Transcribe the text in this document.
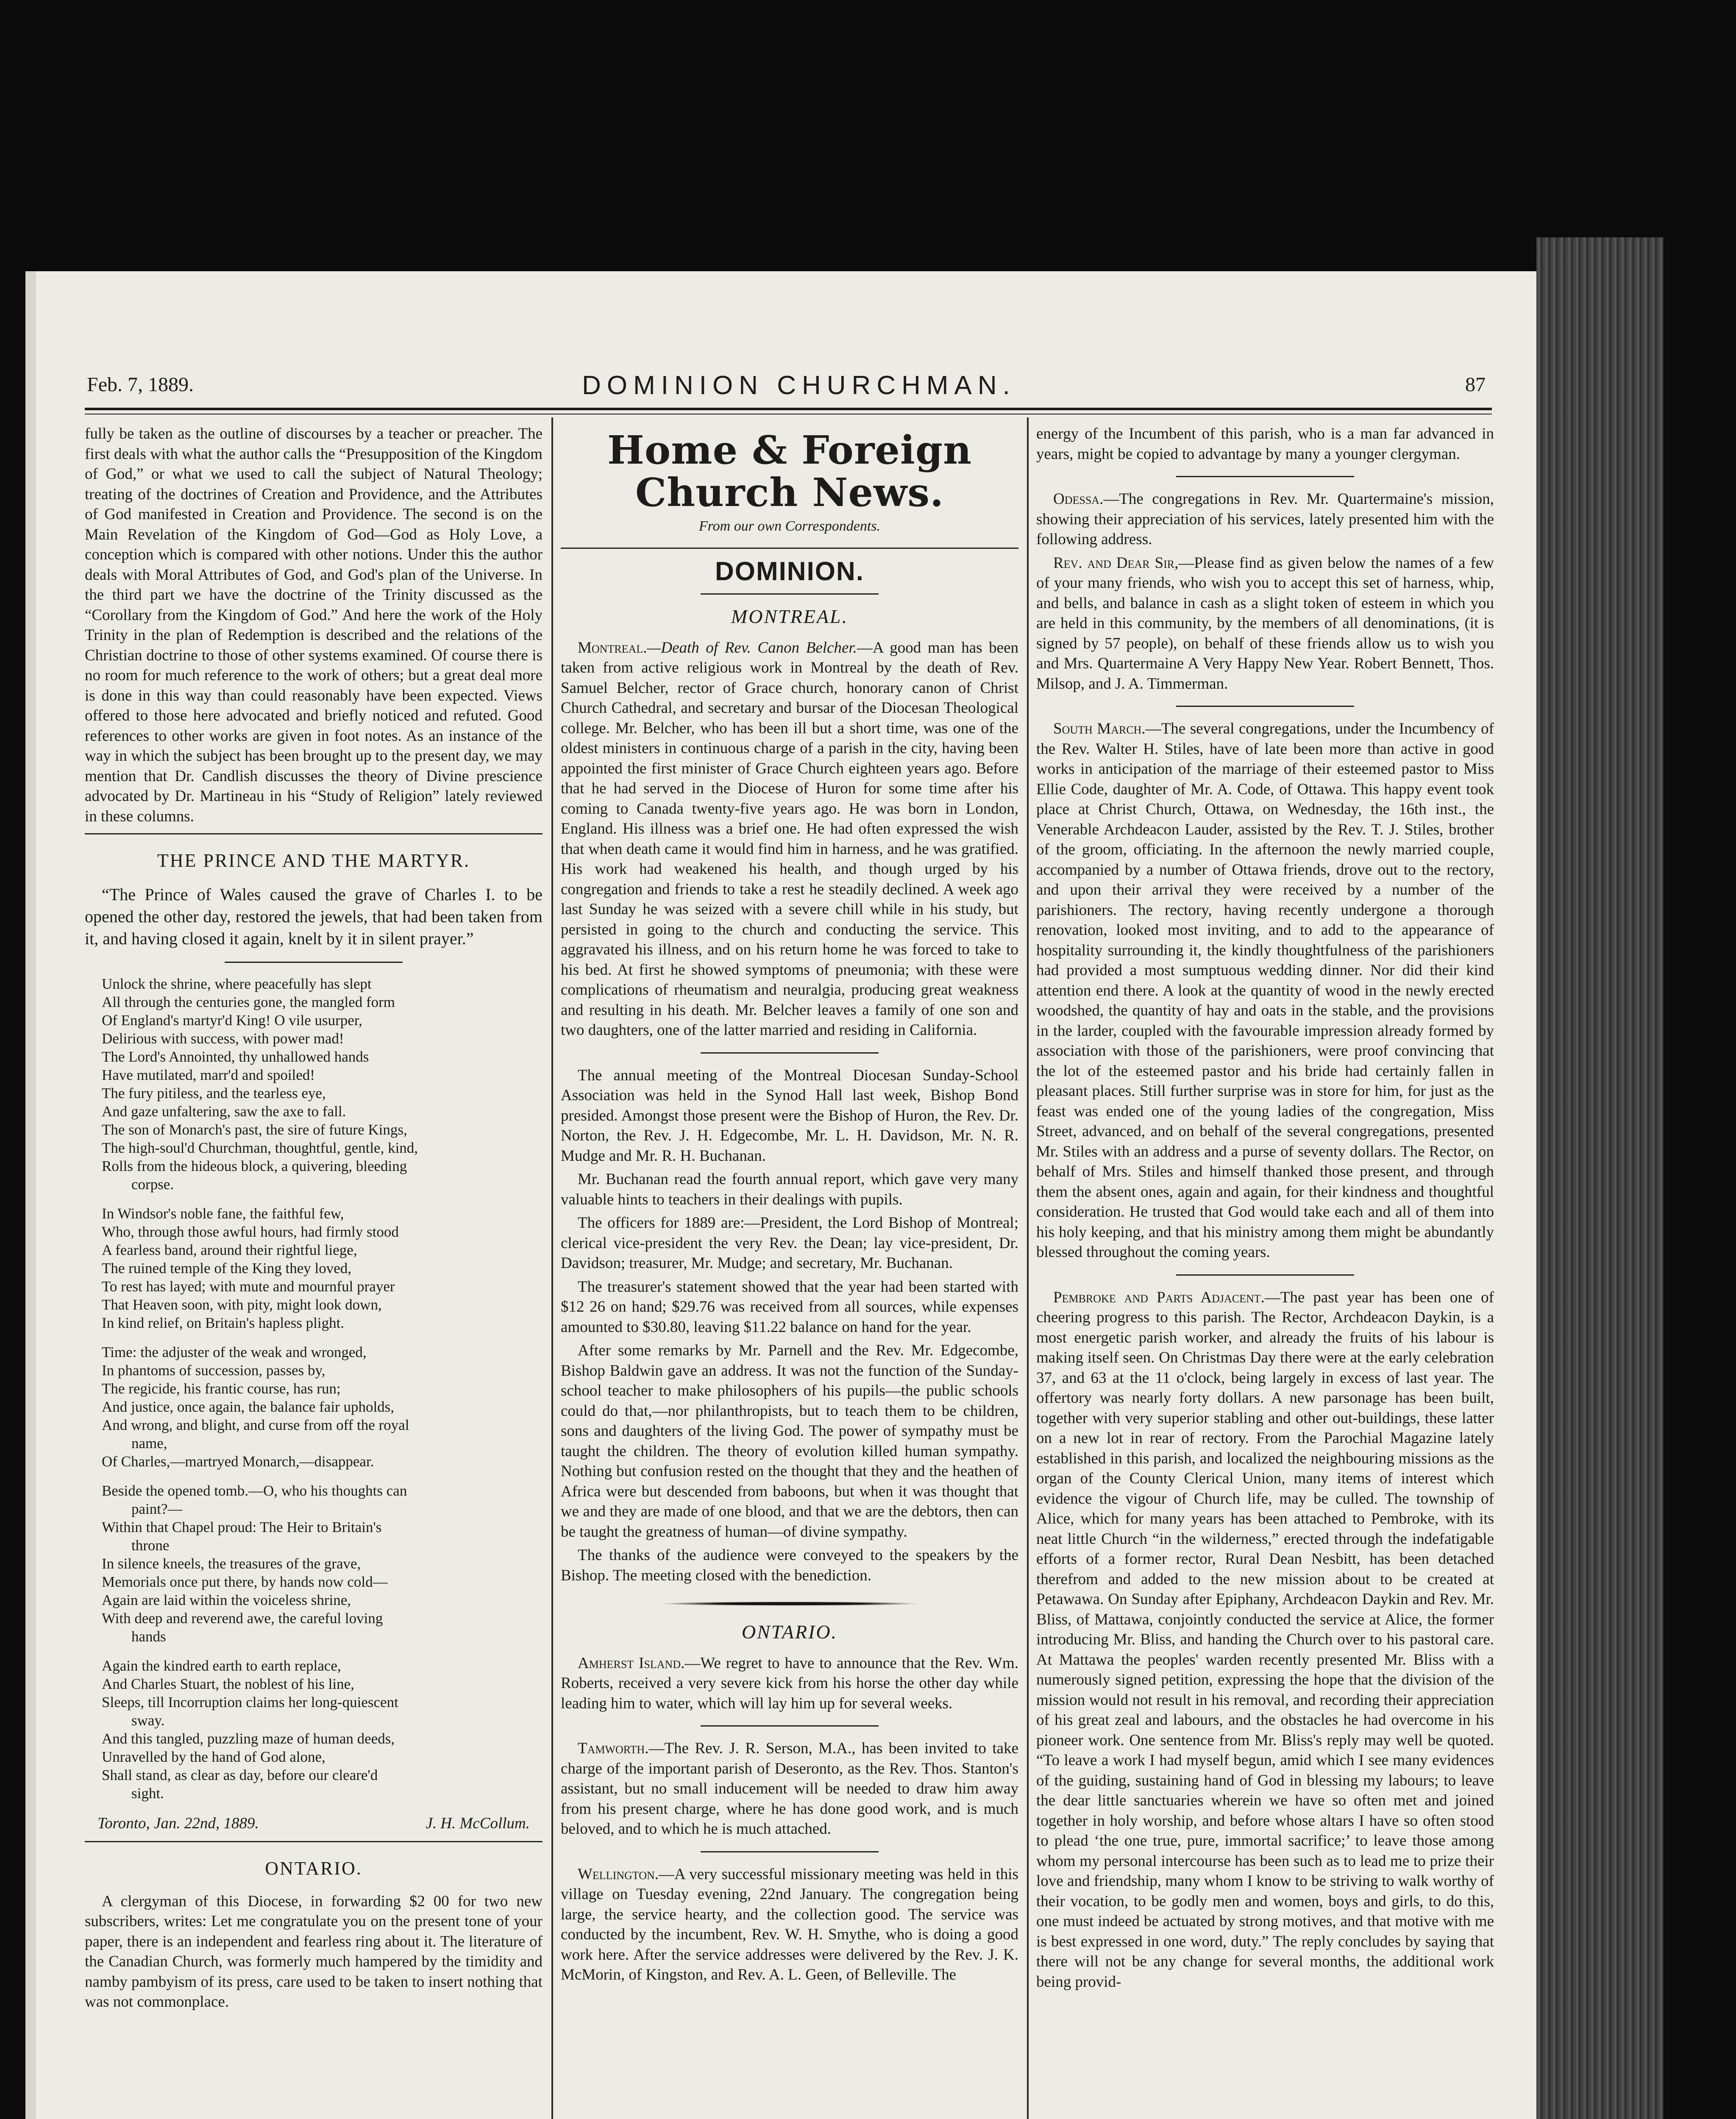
Feb. 7, 1889.	DOMINION CHURCHMAN.	87

fully be taken as the outline of discourses by a teacher or preacher. The first deals with what the author calls the “Presupposition of the Kingdom of God,” or what we used to call the subject of Natural Theology; treating of the doctrines of Creation and Providence, and the Attributes of God manifested in Creation and Providence. The second is on the Main Revelation of the Kingdom of God—God as Holy Love, a conception which is compared with other notions. Under this the author deals with Moral Attributes of God, and God's plan of the Universe. In the third part we have the doctrine of the Trinity discussed as the “Corollary from the Kingdom of God.” And here the work of the Holy Trinity in the plan of Redemption is described and the relations of the Christian doctrine to those of other systems examined. Of course there is no room for much reference to the work of others; but a great deal more is done in this way than could reasonably have been expected. Views offered to those here advocated and briefly noticed and refuted. Good references to other works are given in foot notes. As an instance of the way in which the subject has been brought up to the present day, we may mention that Dr. Candlish discusses the theory of Divine prescience advocated by Dr. Martineau in his “Study of Religion” lately reviewed in these columns.

THE PRINCE AND THE MARTYR.

“The Prince of Wales caused the grave of Charles I. to be opened the other day, restored the jewels, that had been taken from it, and having closed it again, knelt by it in silent prayer.”

Unlock the shrine, where peacefully has slept
All through the centuries gone, the mangled form
Of England's martyr'd King! O vile usurper,
Delirious with success, with power mad!
The Lord's Annointed, thy unhallowed hands
Have mutilated, marr'd and spoiled!
The fury pitiless, and the tearless eye,
And gaze unfaltering, saw the axe to fall.
The son of Monarch's past, the sire of future Kings,
The high-soul'd Churchman, thoughtful, gentle, kind,
Rolls from the hideous block, a quivering, bleeding
corpse.
In Windsor's noble fane, the faithful few,
Who, through those awful hours, had firmly stood
A fearless band, around their rightful liege,
The ruined temple of the King they loved,
To rest has layed; with mute and mournful prayer
That Heaven soon, with pity, might look down,
In kind relief, on Britain's hapless plight.
Time: the adjuster of the weak and wronged,
In phantoms of succession, passes by,
The regicide, his frantic course, has run;
And justice, once again, the balance fair upholds,
And wrong, and blight, and curse from off the royal
name,
Of Charles,—martryed Monarch,—disappear.
Beside the opened tomb.—O, who his thoughts can
paint?—
Within that Chapel proud: The Heir to Britain's
throne
In silence kneels, the treasures of the grave,
Memorials once put there, by hands now cold—
Again are laid within the voiceless shrine,
With deep and reverend awe, the careful loving
hands
Again the kindred earth to earth replace,
And Charles Stuart, the noblest of his line,
Sleeps, till Incorruption claims her long-quiescent
sway.
And this tangled, puzzling maze of human deeds,
Unravelled by the hand of God alone,
Shall stand, as clear as day, before our cleare'd
sight.
Toronto, Jan. 22nd, 1889.	J. H. McCollum.
ONTARIO.

A clergyman of this Diocese, in forwarding $2 00 for two new subscribers, writes: Let me congratulate you on the present tone of your paper, there is an independent and fearless ring about it. The literature of the Canadian Church, was formerly much hampered by the timidity and namby pambyism of its press, care used to be taken to insert nothing that was not commonplace.

Home & Foreign Church News.
From our own Correspondents.
DOMINION.
MONTREAL.

Montreal.—Death of Rev. Canon Belcher.—A good man has been taken from active religious work in Montreal by the death of Rev. Samuel Belcher, rector of Grace church, honorary canon of Christ Church Cathedral, and secretary and bursar of the Diocesan Theological college. Mr. Belcher, who has been ill but a short time, was one of the oldest ministers in continuous charge of a parish in the city, having been appointed the first minister of Grace Church eighteen years ago. Before that he had served in the Diocese of Huron for some time after his coming to Canada twenty-five years ago. He was born in London, England. His illness was a brief one. He had often expressed the wish that when death came it would find him in harness, and he was gratified. His work had weakened his health, and though urged by his congregation and friends to take a rest he steadily declined. A week ago last Sunday he was seized with a severe chill while in his study, but persisted in going to the church and conducting the service. This aggravated his illness, and on his return home he was forced to take to his bed. At first he showed symptoms of pneumonia; with these were complications of rheumatism and neuralgia, producing great weakness and resulting in his death. Mr. Belcher leaves a family of one son and two daughters, one of the latter married and residing in California.

The annual meeting of the Montreal Diocesan Sunday-School Association was held in the Synod Hall last week, Bishop Bond presided. Amongst those present were the Bishop of Huron, the Rev. Dr. Norton, the Rev. J. H. Edgecombe, Mr. L. H. Davidson, Mr. N. R. Mudge and Mr. R. H. Buchanan.

Mr. Buchanan read the fourth annual report, which gave very many valuable hints to teachers in their dealings with pupils.

The officers for 1889 are:—President, the Lord Bishop of Montreal; clerical vice-president the very Rev. the Dean; lay vice-president, Dr. Davidson; treasurer, Mr. Mudge; and secretary, Mr. Buchanan.

The treasurer's statement showed that the year had been started with $12 26 on hand; $29.76 was received from all sources, while expenses amounted to $30.80, leaving $11.22 balance on hand for the year.

After some remarks by Mr. Parnell and the Rev. Mr. Edgecombe, Bishop Baldwin gave an address. It was not the function of the Sunday-school teacher to make philosophers of his pupils—the public schools could do that,—nor philanthropists, but to teach them to be children, sons and daughters of the living God. The power of sympathy must be taught the children. The theory of evolution killed human sympathy. Nothing but confusion rested on the thought that they and the heathen of Africa were but descended from baboons, but when it was thought that we and they are made of one blood, and that we are the debtors, then can be taught the greatness of human—of divine sympathy.

The thanks of the audience were conveyed to the speakers by the Bishop. The meeting closed with the benediction.

ONTARIO.

Amherst Island.—We regret to have to announce that the Rev. Wm. Roberts, received a very severe kick from his horse the other day while leading him to water, which will lay him up for several weeks.

Tamworth.—The Rev. J. R. Serson, M.A., has been invited to take charge of the important parish of Deseronto, as the Rev. Thos. Stanton's assistant, but no small inducement will be needed to draw him away from his present charge, where he has done good work, and is much beloved, and to which he is much attached.

Wellington.—A very successful missionary meeting was held in this village on Tuesday evening, 22nd January. The congregation being large, the service hearty, and the collection good. The service was conducted by the incumbent, Rev. W. H. Smythe, who is doing a good work here. After the service addresses were delivered by the Rev. J. K. McMorin, of Kingston, and Rev. A. L. Geen, of Belleville. The

energy of the Incumbent of this parish, who is a man far advanced in years, might be copied to advantage by many a younger clergyman.

Odessa.—The congregations in Rev. Mr. Quartermaine's mission, showing their appreciation of his services, lately presented him with the following address.

Rev. and Dear Sir,—Please find as given below the names of a few of your many friends, who wish you to accept this set of harness, whip, and bells, and balance in cash as a slight token of esteem in which you are held in this community, by the members of all denominations, (it is signed by 57 people), on behalf of these friends allow us to wish you and Mrs. Quartermaine A Very Happy New Year. Robert Bennett, Thos. Milsop, and J. A. Timmerman.

South March.—The several congregations, under the Incumbency of the Rev. Walter H. Stiles, have of late been more than active in good works in anticipation of the marriage of their esteemed pastor to Miss Ellie Code, daughter of Mr. A. Code, of Ottawa. This happy event took place at Christ Church, Ottawa, on Wednesday, the 16th inst., the Venerable Archdeacon Lauder, assisted by the Rev. T. J. Stiles, brother of the groom, officiating. In the afternoon the newly married couple, accompanied by a number of Ottawa friends, drove out to the rectory, and upon their arrival they were received by a number of the parishioners. The rectory, having recently undergone a thorough renovation, looked most inviting, and to add to the appearance of hospitality surrounding it, the kindly thoughtfulness of the parishioners had provided a most sumptuous wedding dinner. Nor did their kind attention end there. A look at the quantity of wood in the newly erected woodshed, the quantity of hay and oats in the stable, and the provisions in the larder, coupled with the favourable impression already formed by association with those of the parishioners, were proof convincing that the lot of the esteemed pastor and his bride had certainly fallen in pleasant places. Still further surprise was in store for him, for just as the feast was ended one of the young ladies of the congregation, Miss Street, advanced, and on behalf of the several congregations, presented Mr. Stiles with an address and a purse of seventy dollars. The Rector, on behalf of Mrs. Stiles and himself thanked those present, and through them the absent ones, again and again, for their kindness and thoughtful consideration. He trusted that God would take each and all of them into his holy keeping, and that his ministry among them might be abundantly blessed throughout the coming years.

Pembroke and Parts Adjacent.—The past year has been one of cheering progress to this parish. The Rector, Archdeacon Daykin, is a most energetic parish worker, and already the fruits of his labour is making itself seen. On Christmas Day there were at the early celebration 37, and 63 at the 11 o'clock, being largely in excess of last year. The offertory was nearly forty dollars. A new parsonage has been built, together with very superior stabling and other out-buildings, these latter on a new lot in rear of rectory. From the Parochial Magazine lately established in this parish, and localized the neighbouring missions as the organ of the County Clerical Union, many items of interest which evidence the vigour of Church life, may be culled. The township of Alice, which for many years has been attached to Pembroke, with its neat little Church “in the wilderness,” erected through the indefatigable efforts of a former rector, Rural Dean Nesbitt, has been detached therefrom and added to the new mission about to be created at Petawawa. On Sunday after Epiphany, Archdeacon Daykin and Rev. Mr. Bliss, of Mattawa, conjointly conducted the service at Alice, the former introducing Mr. Bliss, and handing the Church over to his pastoral care. At Mattawa the peoples' warden recently presented Mr. Bliss with a numerously signed petition, expressing the hope that the division of the mission would not result in his removal, and recording their appreciation of his great zeal and labours, and the obstacles he had overcome in his pioneer work. One sentence from Mr. Bliss's reply may well be quoted. “To leave a work I had myself begun, amid which I see many evidences of the guiding, sustaining hand of God in blessing my labours; to leave the dear little sanctuaries wherein we have so often met and joined together in holy worship, and before whose altars I have so often stood to plead ‘the one true, pure, immortal sacrifice;’ to leave those among whom my personal intercourse has been such as to lead me to prize their love and friendship, many whom I know to be striving to walk worthy of their vocation, to be godly men and women, boys and girls, to do this, one must indeed be actuated by strong motives, and that motive with me is best expressed in one word, duty.” The reply concludes by saying that there will not be any change for several months, the additional work being provid-
